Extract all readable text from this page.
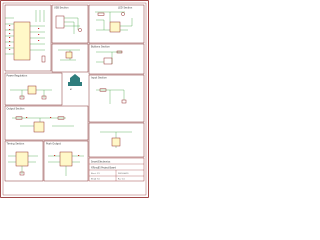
USB Section	LED Section
Buttons Section
Power Regulation
AT
Input Section
Output Section
Timing Section	Push Output
Smart Electronics
ATtiny85 Project Board
Sheet 1/1	2023-04-19
KiCad 7.0	Rev 1.0
